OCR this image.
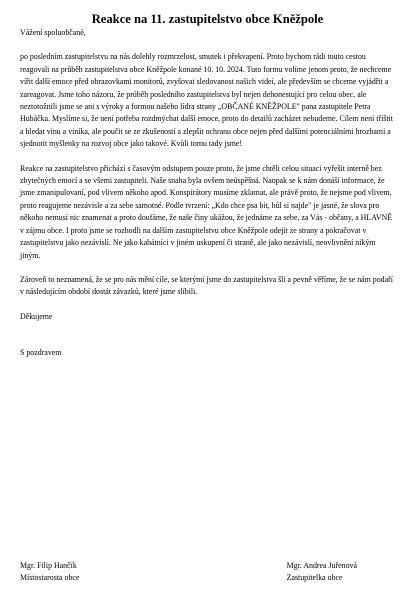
Reakce na 11. zastupitelstvo obce Kněžpole

Vážení spoluobčané,

po posledním zastupitelstvu na nás dolehly rozmrzelost, smutek i překvapení. Proto bychom rádi touto cestou reagovali na průběh zastupitelstva obce Kněžpole konané 10. 10. 2024. Tuto formu volíme jenom proto, že nechceme vířit další emoce před obrazovkami monitorů, zvyšovat sledovanost našich videí, ale především se chceme vyjádřit a zareagovat. Jsme toho názoru, že průběh posledního zastupitelstva byl nejen dehonestující pro celou obec, ale neztotožnili jsme se ani s výroky a formou našeho lídra strany „OBČANÉ KNĚŽPOLE" pana zastupitele Petra Hubáčka. Myslíme si, že není potřeba rozdmýchat další emoce, proto do detailů zacházet nebudeme. Cílem není tříštit a hledat vinu a viníka, ale poučit se ze zkušeností a zlepšit ochranu obce nejen před dalšími potenciálními hrozbami a sjednotit myšlenky na rozvoj obce jako takové. Kvůli tomu tady jsme!

Reakce na zastupitelstvo přichází s časovým odstupem pouze proto, že jsme chtěli celou situaci vyřešit interně bez zbytečných emocí a se všemi zastupiteli. Naše snaha byla ovšem neúspěšná. Naopak se k nám donáší informace, že jsme zmanipulovaní, pod vlivem někoho apod. Konspirátory musíme zklamat, ale právě proto, že nejsme pod vlivem, proto reagujeme nezávisle a za sebe samotné. Podle tvrzení: „Kdo chce psa bít, hůl si najde" je jasné, že slova pro někoho nemusí nic znamenat a proto doufáme, že naše činy ukážou, že jednáme za sebe, za Vás - občany, a HLAVNĚ v zájmu obce. I proto jsme se rozhodli na dalším zastupitelstvu obce Kněžpole odejít ze strany a pokračovat v zastupitelstvu jako nezávislí. Ne jako kabátníci v jiném uskupení či straně, ale jako nezávislí, neovlivnění nikým jiným.

Zároveň to neznamená, že se pro nás mění cíle, se kterými jsme do zastupitelstva šli a pevně věříme, že se nám podaří v následujícím období dostát závazků, které jsme slíbili.

Děkujeme

S pozdravem

Mgr. Filip Hančík
Místostarosta obce
Mgr. Andrea Juřenová
Zastupitelka obce
